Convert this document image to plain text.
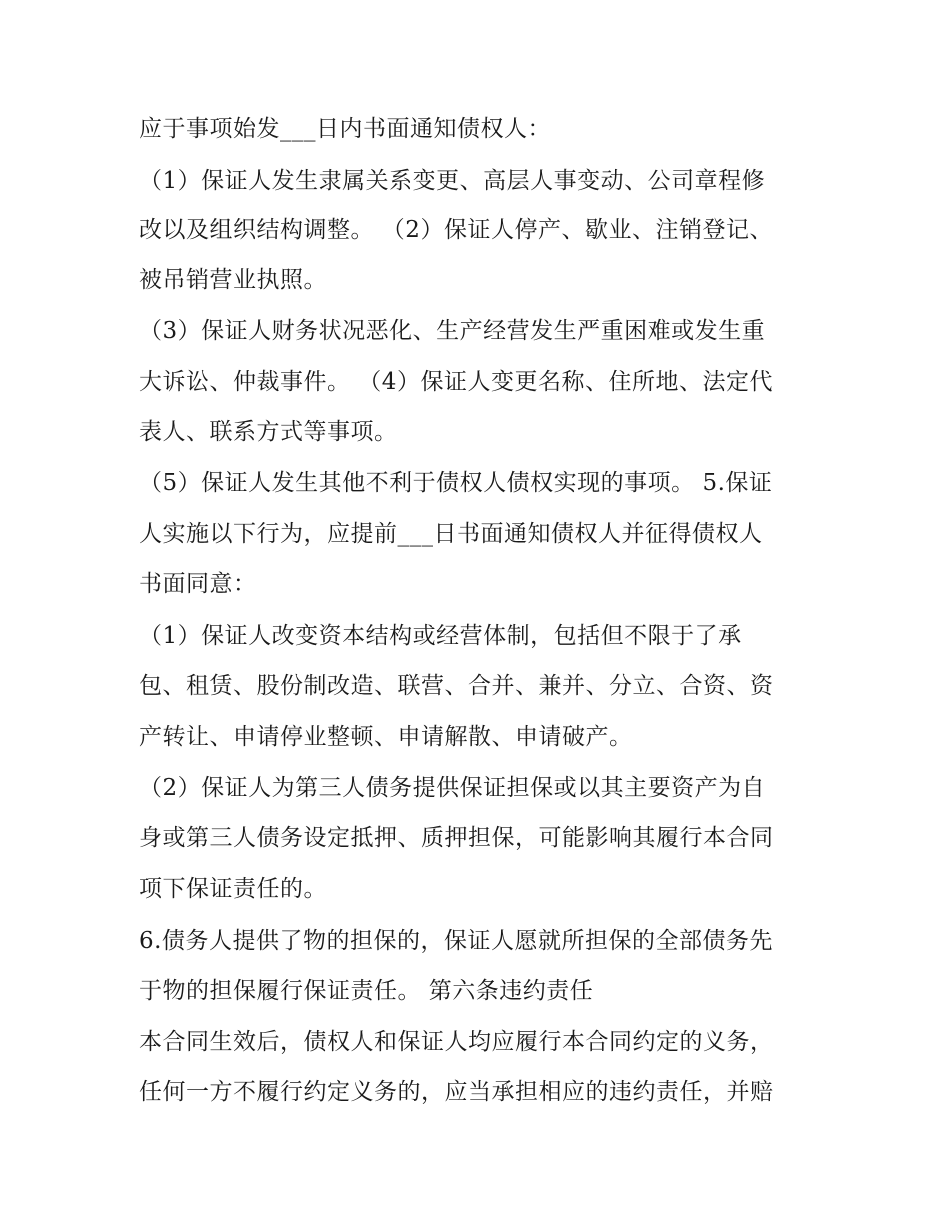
应于事项始发___日内书面通知债权人：
（1）保证人发生隶属关系变更、高层人事变动、公司章程修
改以及组织结构调整。 （2）保证人停产、歇业、注销登记、
被吊销营业执照。
（3）保证人财务状况恶化、生产经营发生严重困难或发生重
大诉讼、仲裁事件。 （4）保证人变更名称、住所地、法定代
表人、联系方式等事项。
（5）保证人发生其他不利于债权人债权实现的事项。 5.保证
人实施以下行为，应提前___日书面通知债权人并征得债权人
书面同意：
（1）保证人改变资本结构或经营体制，包括但不限于了承
包、租赁、股份制改造、联营、合并、兼并、分立、合资、资
产转让、申请停业整顿、申请解散、申请破产。
（2）保证人为第三人债务提供保证担保或以其主要资产为自
身或第三人债务设定抵押、质押担保，可能影响其履行本合同
项下保证责任的。
6.债务人提供了物的担保的，保证人愿就所担保的全部债务先
于物的担保履行保证责任。 第六条违约责任
本合同生效后，债权人和保证人均应履行本合同约定的义务，
任何一方不履行约定义务的，应当承担相应的违约责任，并赔
